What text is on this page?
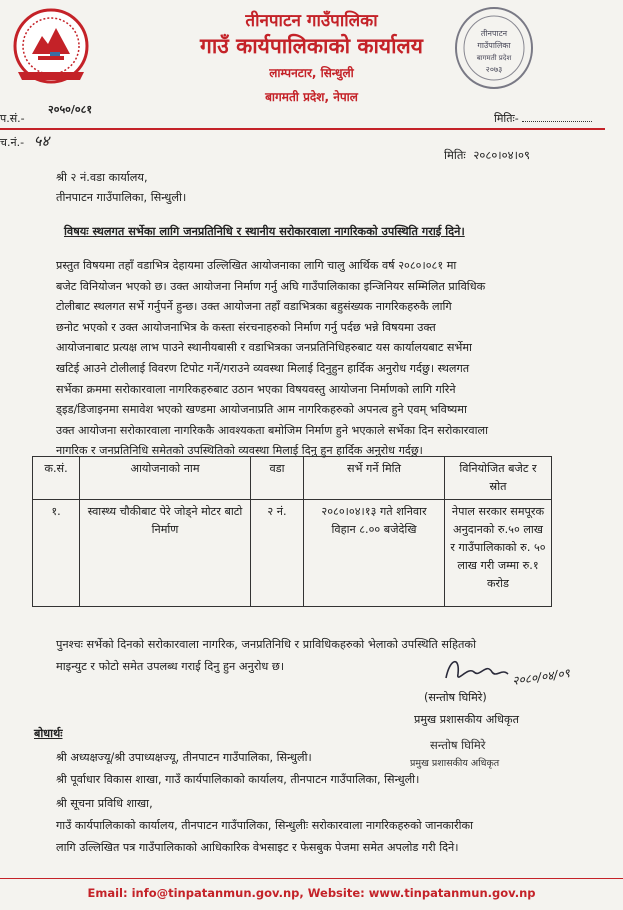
२०५०/०८१
तीनपाटन
गाउँपालिका
बागमती प्रदेश
२०७३
तीनपाटन गाउँपालिका
गाउँ कार्यपालिकाको कार्यालय
लाम्पनटार, सिन्धुली
बागमती प्रदेश, नेपाल
प.सं.-
च.नं.- ५४
मितिः-
मितिः २०८०।०४।०९
श्री २ नं.वडा कार्यालय,
तीनपाटन गाउँपालिका, सिन्धुली।
विषयः स्थलगत सर्भेका लागि जनप्रतिनिधि र स्थानीय सरोकारवाला नागरिकको उपस्थिति गराई दिने।
प्रस्तुत विषयमा तहाँ वडाभित्र देहायमा उल्लिखित आयोजनाका लागि चालु आर्थिक वर्ष २०८०।०८१ मा
बजेट विनियोजन भएको छ। उक्त आयोजना निर्माण गर्नु अघि गाउँपालिकाका इन्जिनियर सम्मिलित प्राविधिक
टोलीबाट स्थलगत सर्भे गर्नुपर्ने हुन्छ। उक्त आयोजना तहाँ वडाभित्रका बहुसंख्यक नागरिकहरुकै लागि
छनोट भएको र उक्त आयोजनाभित्र के कस्ता संरचनाहरुको निर्माण गर्नु पर्दछ भन्ने विषयमा उक्त
आयोजनाबाट प्रत्यक्ष लाभ पाउने स्थानीयबासी र वडाभित्रका जनप्रतिनिधिहरुबाट यस कार्यालयबाट सर्भेमा
खटिई आउने टोलीलाई विवरण टिपोट गर्ने/गराउने व्यवस्था मिलाई दिनुहुन हार्दिक अनुरोध गर्दछु। स्थलगत
सर्भेका क्रममा सरोकारवाला नागरिकहरुबाट उठान भएका विषयवस्तु आयोजना निर्माणको लागि गरिने
ड्इड/डिजाइनमा समावेश भएको खण्डमा आयोजनाप्रति आम नागरिकहरुको अपनत्व हुने एवम् भविष्यमा
उक्त आयोजना सरोकारवाला नागरिककै आवश्यकता बमोजिम निर्माण हुने भएकाले सर्भेका दिन सरोकारवाला
नागरिक र जनप्रतिनिधि समेतको उपस्थितिको व्यवस्था मिलाई दिनु हुन हार्दिक अनुरोध गर्दछु।
क.सं.	आयोजनाको नाम	वडा	सर्भे गर्ने मिति	विनियोजित बजेट र स्रोत
१.	स्वास्थ्य चौकीबाट पेरे जोड्ने मोटर बाटो निर्माण	२ नं.	२०८०।०४।१३ गते शनिवार विहान ८.०० बजेदेखि	नेपाल सरकार समपूरक अनुदानको रु.५० लाख र गाउँपालिकाको रु. ५० लाख गरी जम्मा रु.१ करोड
पुनश्चः सर्भेको दिनको सरोकारवाला नागरिक, जनप्रतिनिधि र प्राविधिकहरुको भेलाको उपस्थिति सहितको
माइन्युट र फोटो समेत उपलब्ध गराई दिनु हुन अनुरोध छ।	२०८०/०४/०९
(सन्तोष घिमिरे)
प्रमुख प्रशासकीय अधिकृत
सन्तोष घिमिरे
प्रमुख प्रशासकीय अधिकृत
बोधार्थः
श्री अध्यक्षज्यू/श्री उपाध्यक्षज्यू, तीनपाटन गाउँपालिका, सिन्धुली।
श्री पूर्वाधार विकास शाखा, गाउँ कार्यपालिकाको कार्यालय, तीनपाटन गाउँपालिका, सिन्धुली।
श्री सूचना प्रविधि शाखा,
गाउँ कार्यपालिकाको कार्यालय, तीनपाटन गाउँपालिका, सिन्धुलीः सरोकारवाला नागरिकहरुको जानकारीका
लागि उल्लिखित पत्र गाउँपालिकाको आधिकारिक वेभसाइट र फेसबुक पेजमा समेत अपलोड गरी दिने।
Email: info@tinpatanmun.gov.np, Website: www.tinpatanmun.gov.np
